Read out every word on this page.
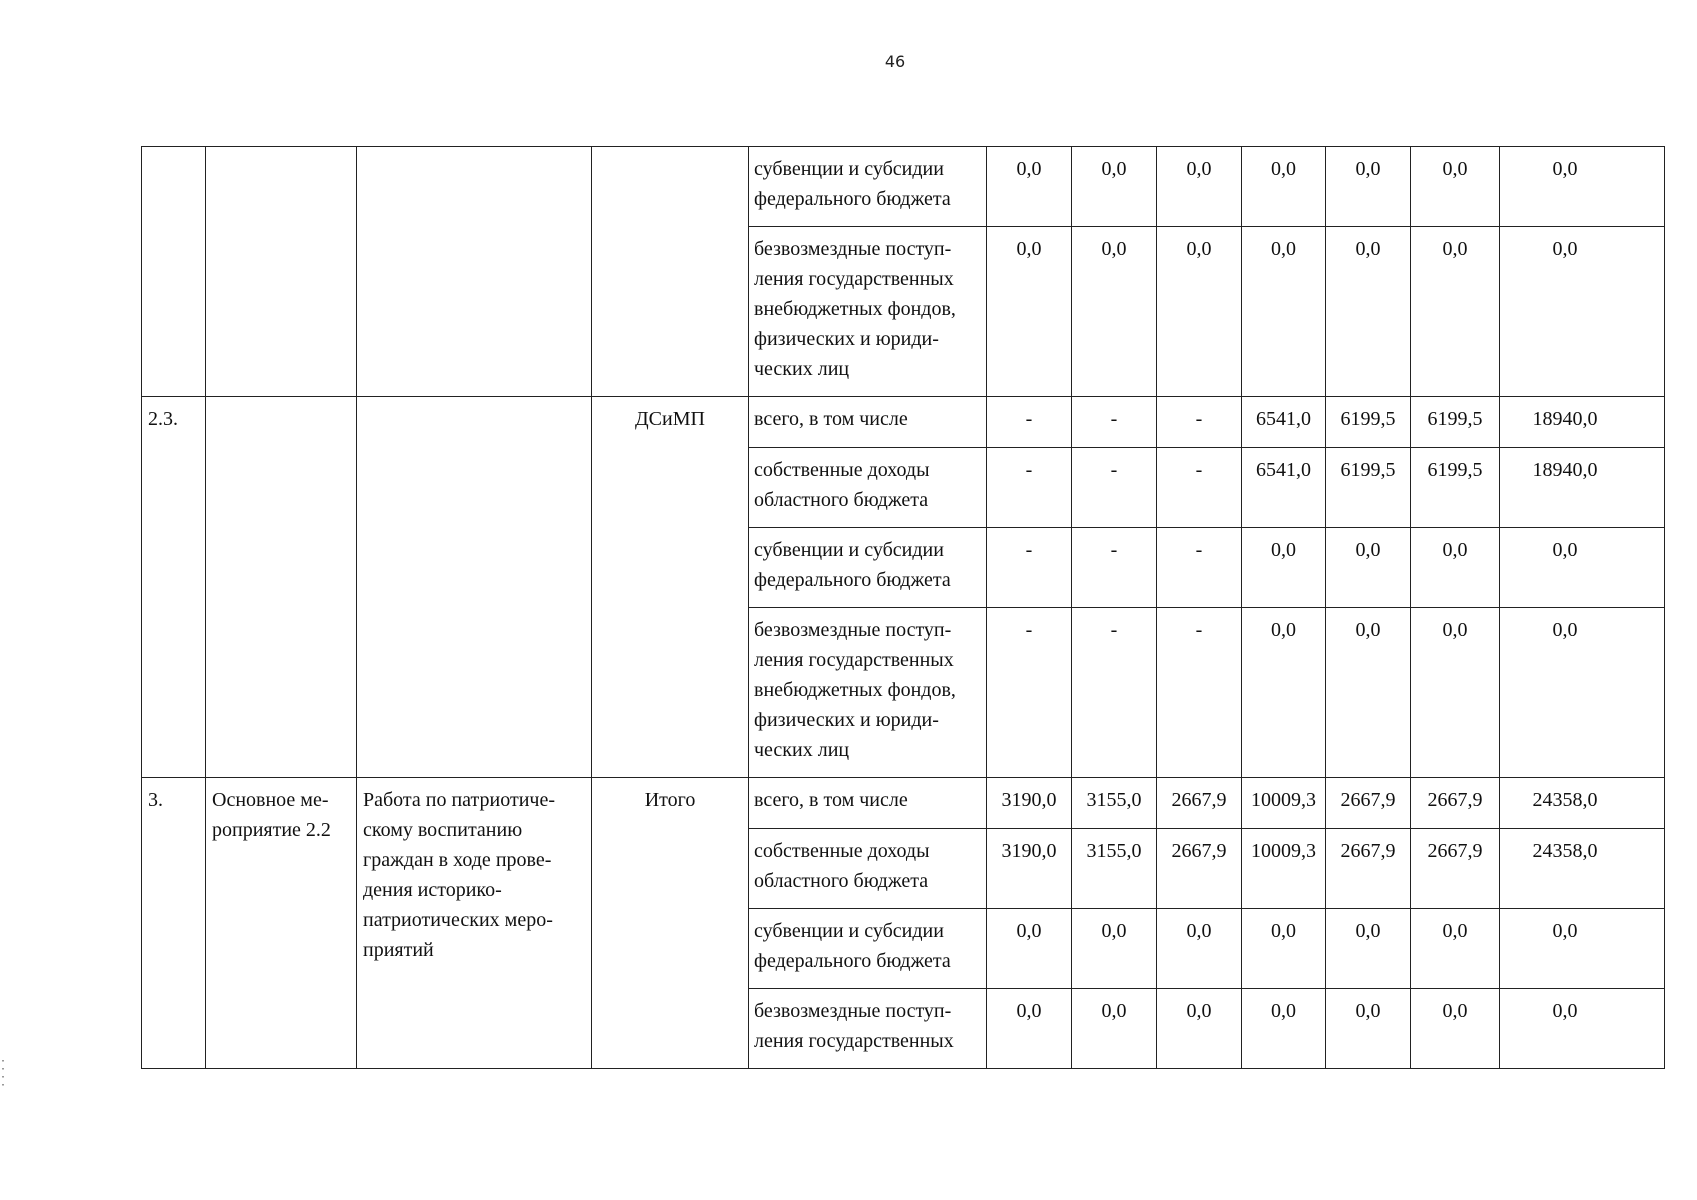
46
				субвенции и субсидии федерального бюджета	0,0	0,0	0,0	0,0	0,0	0,0	0,0
				безвозмездные поступ-ления государственных внебюджетных фондов, физических и юриди-ческих лиц	0,0	0,0	0,0	0,0	0,0	0,0	0,0
2.3.			ДСиМП	всего, в том числе	-	-	-	6541,0	6199,5	6199,5	18940,0
				собственные доходы областного бюджета	-	-	-	6541,0	6199,5	6199,5	18940,0
				субвенции и субсидии федерального бюджета	-	-	-	0,0	0,0	0,0	0,0
				безвозмездные поступ-ления государственных внебюджетных фондов, физических и юриди-ческих лиц	-	-	-	0,0	0,0	0,0	0,0
3.	Основное ме-роприятие 2.2	Работа по патриотиче-скому воспитанию граждан в ходе прове-дения историко-патриотических меро-приятий	Итого	всего, в том числе	3190,0	3155,0	2667,9	10009,3	2667,9	2667,9	24358,0
				собственные доходы областного бюджета	3190,0	3155,0	2667,9	10009,3	2667,9	2667,9	24358,0
				субвенции и субсидии федерального бюджета	0,0	0,0	0,0	0,0	0,0	0,0	0,0
				безвозмездные поступ-ления государственных	0,0	0,0	0,0	0,0	0,0	0,0	0,0
·
·
·
·
